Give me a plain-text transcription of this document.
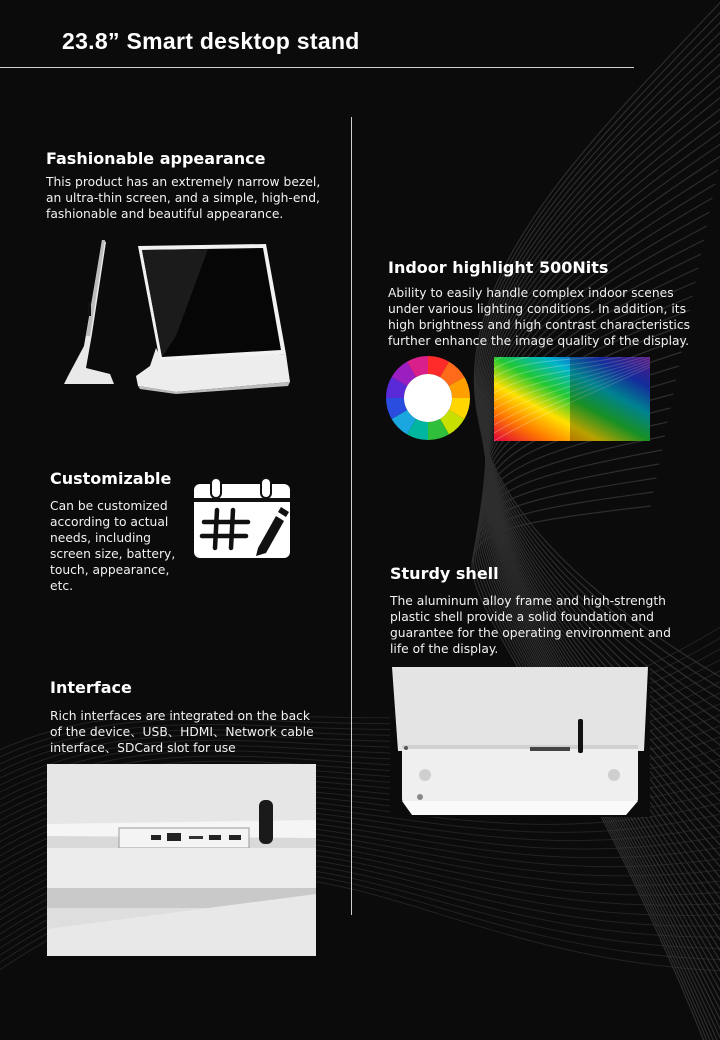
23.8” Smart desktop stand
Fashionable appearance

This product has an extremely narrow bezel, an ultra-thin screen, and a simple, high-end, fashionable and beautiful appearance.

Indoor highlight 500Nits

Ability to easily handle complex indoor scenes under various lighting conditions. In addition, its high brightness and high contrast characteristics further enhance the image quality of the display.

Customizable

Can be customized according to actual needs, including screen size, battery, touch, appearance, etc.

Sturdy shell

The aluminum alloy frame and high-strength plastic shell provide a solid foundation and guarantee for the operating environment and life of the display.

Interface

Rich interfaces are integrated on the back of the device、USB、HDMI、Network cable interface、SDCard slot for use
